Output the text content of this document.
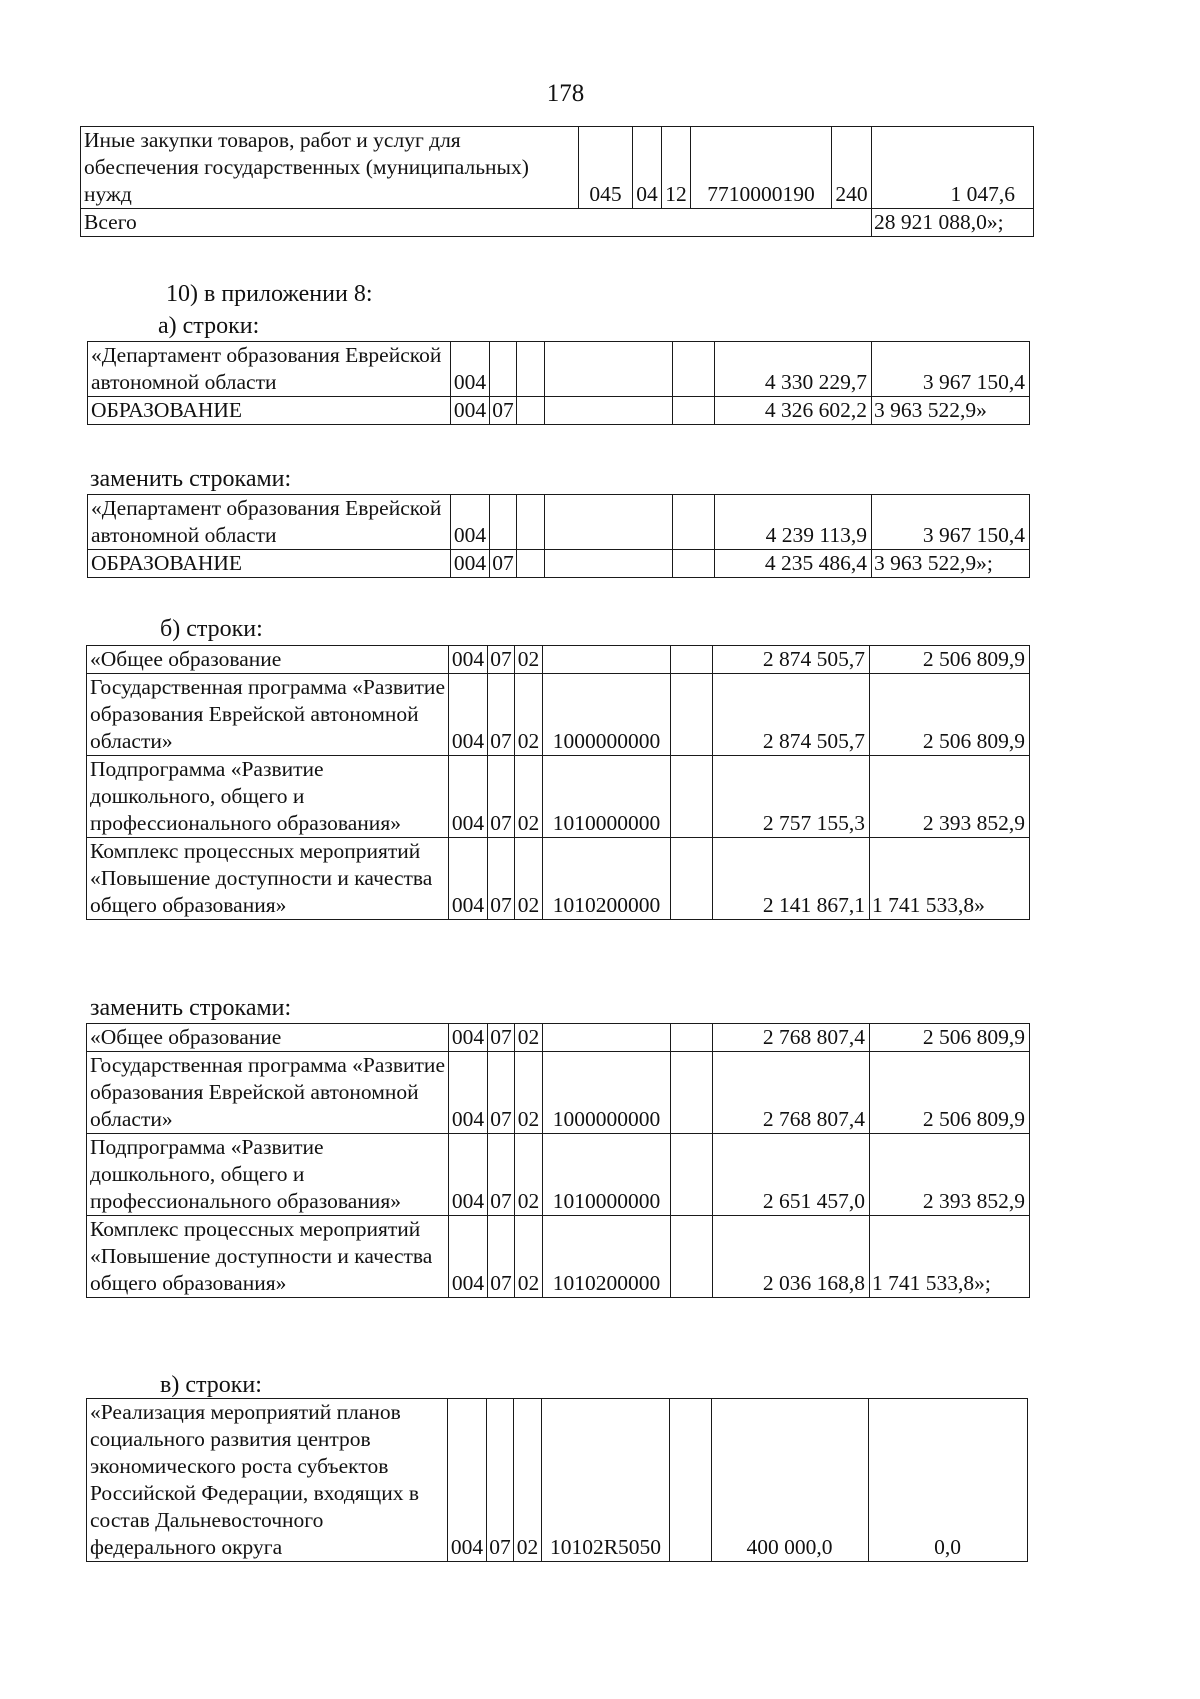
178
Иные закупки товаров, работ и услуг для обеспечения государственных (муниципальных) нужд	045	04	12	7710000190	240	1 047,6
Всего						28 921 088,0»;
10) в приложении 8:
а) строки:
«Департамент образования Еврейской автономной области	004					4 330 229,7	3 967 150,4
ОБРАЗОВАНИЕ	004	07				4 326 602,2	3 963 522,9»
заменить строками:
«Департамент образования Еврейской автономной области	004					4 239 113,9	3 967 150,4
ОБРАЗОВАНИЕ	004	07				4 235 486,4	3 963 522,9»;
б) строки:
«Общее образование	004	07	02			2 874 505,7	2 506 809,9
Государственная программа «Развитие образования Еврейской автономной области»	004	07	02	1000000000		2 874 505,7	2 506 809,9
Подпрограмма «Развитие дошкольного, общего и профессионального образования»	004	07	02	1010000000		2 757 155,3	2 393 852,9
Комплекс процессных мероприятий «Повышение доступности и качества общего образования»	004	07	02	1010200000		2 141 867,1	1 741 533,8»
заменить строками:
«Общее образование	004	07	02			2 768 807,4	2 506 809,9
Государственная программа «Развитие образования Еврейской автономной области»	004	07	02	1000000000		2 768 807,4	2 506 809,9
Подпрограмма «Развитие дошкольного, общего и профессионального образования»	004	07	02	1010000000		2 651 457,0	2 393 852,9
Комплекс процессных мероприятий «Повышение доступности и качества общего образования»	004	07	02	1010200000		2 036 168,8	1 741 533,8»;
в) строки:
«Реализация мероприятий планов социального развития центров экономического роста субъектов Российской Федерации, входящих в состав Дальневосточного федерального округа	004	07	02	10102R5050		400 000,0	0,0
